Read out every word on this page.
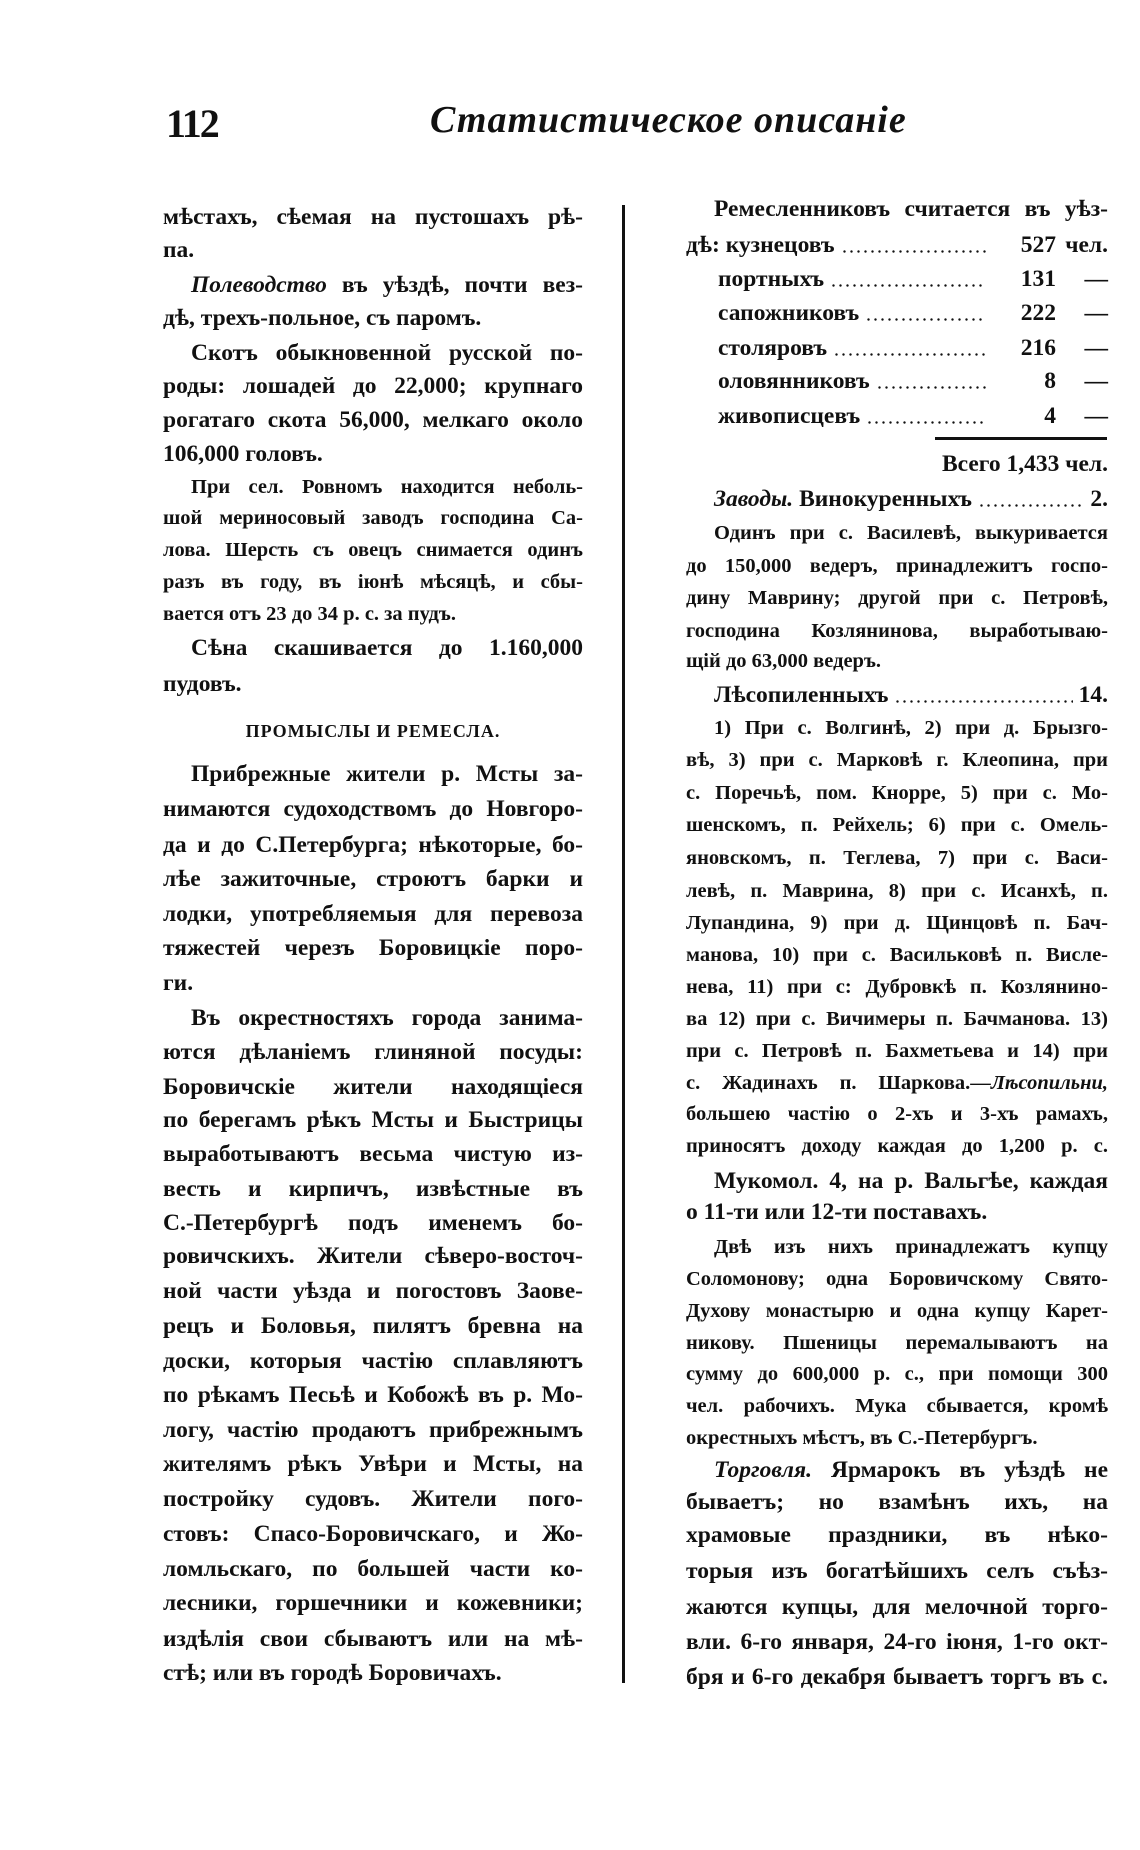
112	Статистическое описаніе
мѣстахъ, сѣемая на пустошахъ рѣ-
па.
Полеводство въ уѣздѣ, почти вез-
дѣ, трехъ-польное, съ паромъ.
Скотъ обыкновенной русской по-
роды: лошадей до 22,000; крупнаго
рогатаго скота 56,000, мелкаго около
106,000 головъ.
При сел. Ровномъ находится неболь-
шой мериносовый заводъ господина Са-
лова. Шерсть съ овецъ снимается одинъ
разъ въ году, въ іюнѣ мѣсяцѣ, и сбы-
вается отъ 23 до 34 р. с. за пудъ.
Сѣна скашивается до 1.160,000
пудовъ.
ПРОМЫСЛЫ И РЕМЕСЛА.
Прибрежные жители р. Мсты за-
нимаются судоходствомъ до Новгоро-
да и до С.Петербурга; нѣкоторые, бо-
лѣе зажиточные, строютъ барки и
лодки, употребляемыя для перевоза
тяжестей черезъ Боровицкіе поро-
ги.
Въ окрестностяхъ города занима-
ются дѣланіемъ глиняной посуды:
Боровичскіе жители находящіеся
по берегамъ рѣкъ Мсты и Быстрицы
выработываютъ весьма чистую из-
весть и кирпичъ, извѣстные въ
С.-Петербургѣ подъ именемъ бо-
ровичскихъ. Жители сѣверо-восточ-
ной части уѣзда и погостовъ Заове-
рецъ и Боловья, пилятъ бревна на
доски, которыя частію сплавляютъ
по рѣкамъ Песьѣ и Кобожѣ въ р. Мо-
логу, частію продаютъ прибрежнымъ
жителямъ рѣкъ Увѣри и Мсты, на
постройку судовъ. Жители пого-
стовъ: Спасо-Боровичскаго, и Жо-
ломльскаго, по большей части ко-
лесники, горшечники и кожевники;
издѣлія свои сбываютъ или на мѣ-
стѣ; или въ городѣ Боровичахъ.
Ремесленниковъ считается въ уѣз-
дѣ: кузнецовъ	527 чел.
портныхъ	131	—
сапожниковъ	222	—
столяровъ	216	—
оловянниковъ	8	—
живописцевъ	4	—
Всего 1,433 чел.
Заводы. Винокуренныхъ	2.
Одинъ при с. Василевѣ, выкуривается
до 150,000 ведеръ, принадлежитъ госпо-
дину Маврину; другой при с. Петровѣ,
господина Козлянинова, выработываю-
щій до 63,000 ведеръ.
Лѣсопиленныхъ	14.
1) При с. Волгинѣ, 2) при д. Брызго-
вѣ, 3) при с. Марковѣ г. Клеопина, при
с. Поречьѣ, пом. Кнорре, 5) при с. Мо-
шенскомъ, п. Рейхель; 6) при с. Омель-
яновскомъ, п. Теглева, 7) при с. Васи-
левѣ, п. Маврина, 8) при с. Исанхѣ, п.
Лупандина, 9) при д. Щинцовѣ п. Бач-
манова, 10) при с. Васильковѣ п. Висле-
нева, 11) при с: Дубровкѣ п. Козлянино-
ва 12) при с. Вичимеры п. Бачманова. 13)
при с. Петровѣ п. Бахметьева и 14) при
с. Жадинахъ п. Шаркова.—Лѣсопильни,
большею частію о 2-хъ и 3-хъ рамахъ,
приносятъ доходу каждая до 1,200 р. с.
Мукомол. 4, на р. Вальгѣе, каждая
о 11-ти или 12-ти поставахъ.
Двѣ изъ нихъ принадлежатъ купцу
Соломонову; одна Боровичскому Свято-
Духову монастырю и одна купцу Карет-
никову. Пшеницы перемалываютъ на
сумму до 600,000 р. с., при помощи 300
чел. рабочихъ. Мука сбывается, кромѣ
окрестныхъ мѣстъ, въ С.-Петербургъ.
Торговля. Ярмарокъ въ уѣздѣ не
бываетъ; но взамѣнъ ихъ, на
храмовые праздники, въ нѣко-
торыя изъ богатѣйшихъ селъ съѣз-
жаются купцы, для мелочной торго-
вли. 6-го января, 24-го іюня, 1-го окт-
бря и 6-го декабря бываетъ торгъ въ с.
